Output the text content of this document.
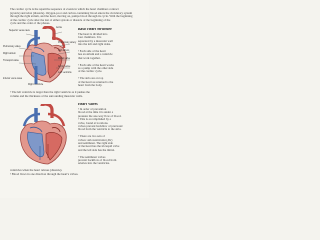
The cardiac cycle is the repetitive sequence of events in which the heart chambers contract
(systole) and relax (diastole). Oxygen-poor and carbon-containing blood enters the circulatory system
through the right atrium, and the heart, moving on, pumps blood through its cycle. With the beginning
of the cardiac cycle after the last of either systole or diastole of the beginning of the
cycle and the order of the phases.
Superior vena cava
Aorta
Pulmonary valve
Right atrium
Tricuspid valve
Inferior vena cava
Pulmonary artery
Left atrium
Mitral valve
Aortic valve
Left ventricle
Right ventricle
Basic Heart Structure
The heart is divided into
four chambers. It is
separated by a muscular wall
into the left and right sides.
• Each side of the heart
has an atrium and a ventricle
that work together.
• Each side of the heart works
as a pump with the other side
of the cardiac cycle.
• The atria are on top
of the heart as returned to the
heart from the body.
• The left ventricle is larger than the right ventricle as it pushes the
volume and the thickness of the surrounding muscular walls.
Heart Valves
• In order of prevention
blood at the time it is under a
pressure the one-way flow of blood.
• This is accomplished by a
valve, found at locations.
valves prevent backflow of previousl
blood from the ventricle to the atria.
• There are two sets of
valves: atrioventricular (AV)
and semilunar. The right side
of the heart has the tricuspid valve
and the left side has the mitral.
• The semilunar valves
prevent backflow of blood from
arteries into the ventricles.
ventricles when the heart relaxes (diastole).
• Blood flows in one direction through the heart's valves.
